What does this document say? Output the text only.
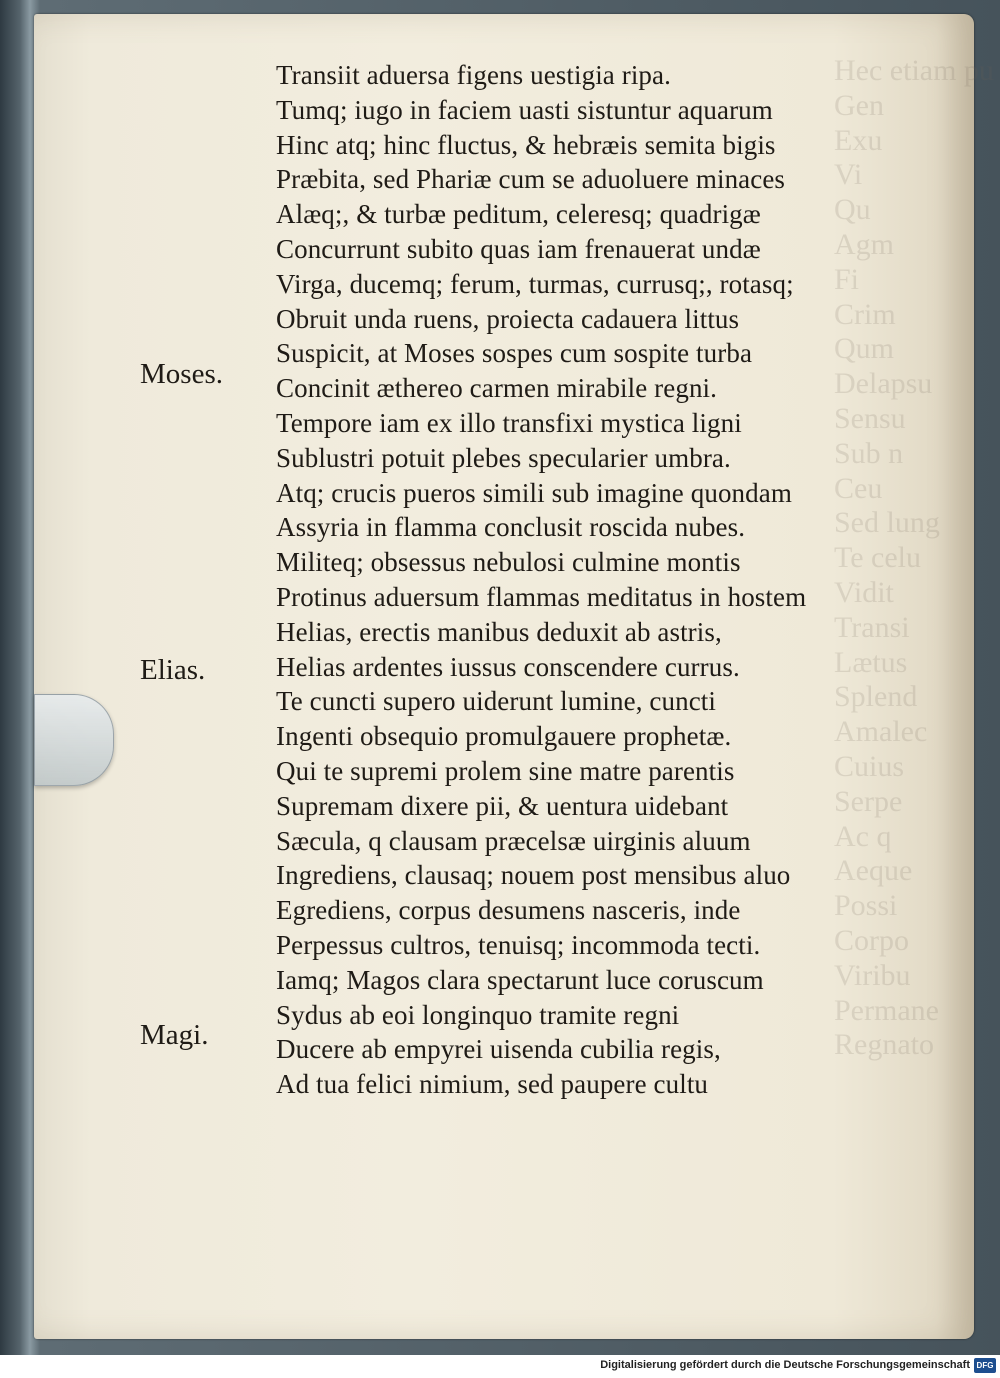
Hec etiam pu
Gen
Exu
Vi
Qu
Agm
Fi
Crim
Qum
Delapsu
Sensu
Sub n
Ceu
Sed lung
Te celu
Vidit
Transi
Lætus
Splend
Amalec
Cuius
Serpe
Ac q
Aeque
Possi
Corpo
Viribu
Permane
Regnato
Transiit aduersa figens uestigia ripa.
Tumq; iugo in faciem uasti sistuntur aquarum
Hinc atq; hinc fluctus, & hebræis semita bigis
Præbita, sed Phariæ cum se aduoluere minaces
Alæq;, & turbæ peditum, celeresq; quadrigæ
Concurrunt subito quas iam frenauerat undæ
Virga, ducemq; ferum, turmas, currusq;, rotasq;
Obruit unda ruens, proiecta cadauera littus
Suspicit, at Moses sospes cum sospite turba
Concinit æthereo carmen mirabile regni.
Tempore iam ex illo transfixi mystica ligni
Sublustri potuit plebes specularier umbra.
Atq; crucis pueros simili sub imagine quondam
Assyria in flamma conclusit roscida nubes.
Militeq; obsessus nebulosi culmine montis
Protinus aduersum flammas meditatus in hostem
Helias, erectis manibus deduxit ab astris,
Helias ardentes iussus conscendere currus.
Te cuncti supero uiderunt lumine, cuncti
Ingenti obsequio promulgauere prophetæ.
Qui te supremi prolem sine matre parentis
Supremam dixere pii, & uentura uidebant
Sæcula, q clausam præcelsæ uirginis aluum
Ingrediens, clausaq; nouem post mensibus aluo
Egrediens, corpus desumens nasceris, inde
Perpessus cultros, tenuisq; incommoda tecti.
Iamq; Magos clara spectarunt luce coruscum
Sydus ab eoi longinquo tramite regni
Ducere ab empyrei uisenda cubilia regis,
Ad tua felici nimium, sed paupere cultu
Moses.
Elias.
Magi.
Digitalisierung gefördert durch die Deutsche Forschungsgemeinschaft DFG
